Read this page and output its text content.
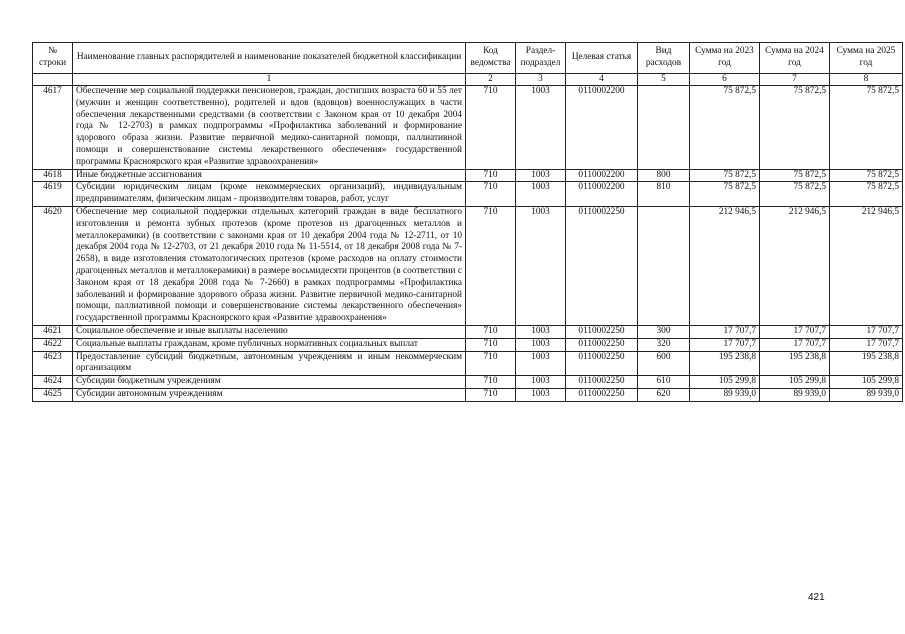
№ строки	Наименование главных распорядителей и наименование показателей бюджетной классификации	Код ведомства	Раздел-подраздел	Целевая статья	Вид расходов	Сумма на 2023 год	Сумма на 2024 год	Сумма на 2025 год
	1	2	3	4	5	6	7	8
4617	Обеспечение мер социальной поддержки пенсионеров, граждан, достигших возраста 60 и 55 лет (мужчин и женщин соответственно), родителей и вдов (вдовцов) военнослужащих в части обеспечения лекарственными средствами (в соответствии с Законом края от 10 декабря 2004 года № 12-2703) в рамках подпрограммы «Профилактика заболеваний и формирование здорового образа жизни. Развитие первичной медико-санитарной помощи, паллиативной помощи и совершенствование системы лекарственного обеспечения» государственной программы Красноярского края «Развитие здравоохранения»	710	1003	0110002200		75 872,5	75 872,5	75 872,5
4618	Иные бюджетные ассигнования	710	1003	0110002200	800	75 872,5	75 872,5	75 872,5
4619	Субсидии юридическим лицам (кроме некоммерческих организаций), индивидуальным предпринимателям, физическим лицам - производителям товаров, работ, услуг	710	1003	0110002200	810	75 872,5	75 872,5	75 872,5
4620	Обеспечение мер социальной поддержки отдельных категорий граждан в виде бесплатного изготовления и ремонта зубных протезов (кроме протезов из драгоценных металлов и металлокерамики) (в соответствии с законами края от 10 декабря 2004 года № 12-2711, от 10 декабря 2004 года № 12-2703, от 21 декабря 2010 года № 11-5514, от 18 декабря 2008 года № 7-2658), в виде изготовления стоматологических протезов (кроме расходов на оплату стоимости драгоценных металлов и металлокерамики) в размере восьмидесяти процентов (в соответствии с Законом края от 18 декабря 2008 года № 7-2660) в рамках подпрограммы «Профилактика заболеваний и формирование здорового образа жизни. Развитие первичной медико-санитарной помощи, паллиативной помощи и совершенствование системы лекарственного обеспечения» государственной программы Красноярского края «Развитие здравоохранения»	710	1003	0110002250		212 946,5	212 946,5	212 946,5
4621	Социальное обеспечение и иные выплаты населению	710	1003	0110002250	300	17 707,7	17 707,7	17 707,7
4622	Социальные выплаты гражданам, кроме публичных нормативных социальных выплат	710	1003	0110002250	320	17 707,7	17 707,7	17 707,7
4623	Предоставление субсидий бюджетным, автономным учреждениям и иным некоммерческим организациям	710	1003	0110002250	600	195 238,8	195 238,8	195 238,8
4624	Субсидии бюджетным учреждениям	710	1003	0110002250	610	105 299,8	105 299,8	105 299,8
4625	Субсидии автономным учреждениям	710	1003	0110002250	620	89 939,0	89 939,0	89 939,0
421
